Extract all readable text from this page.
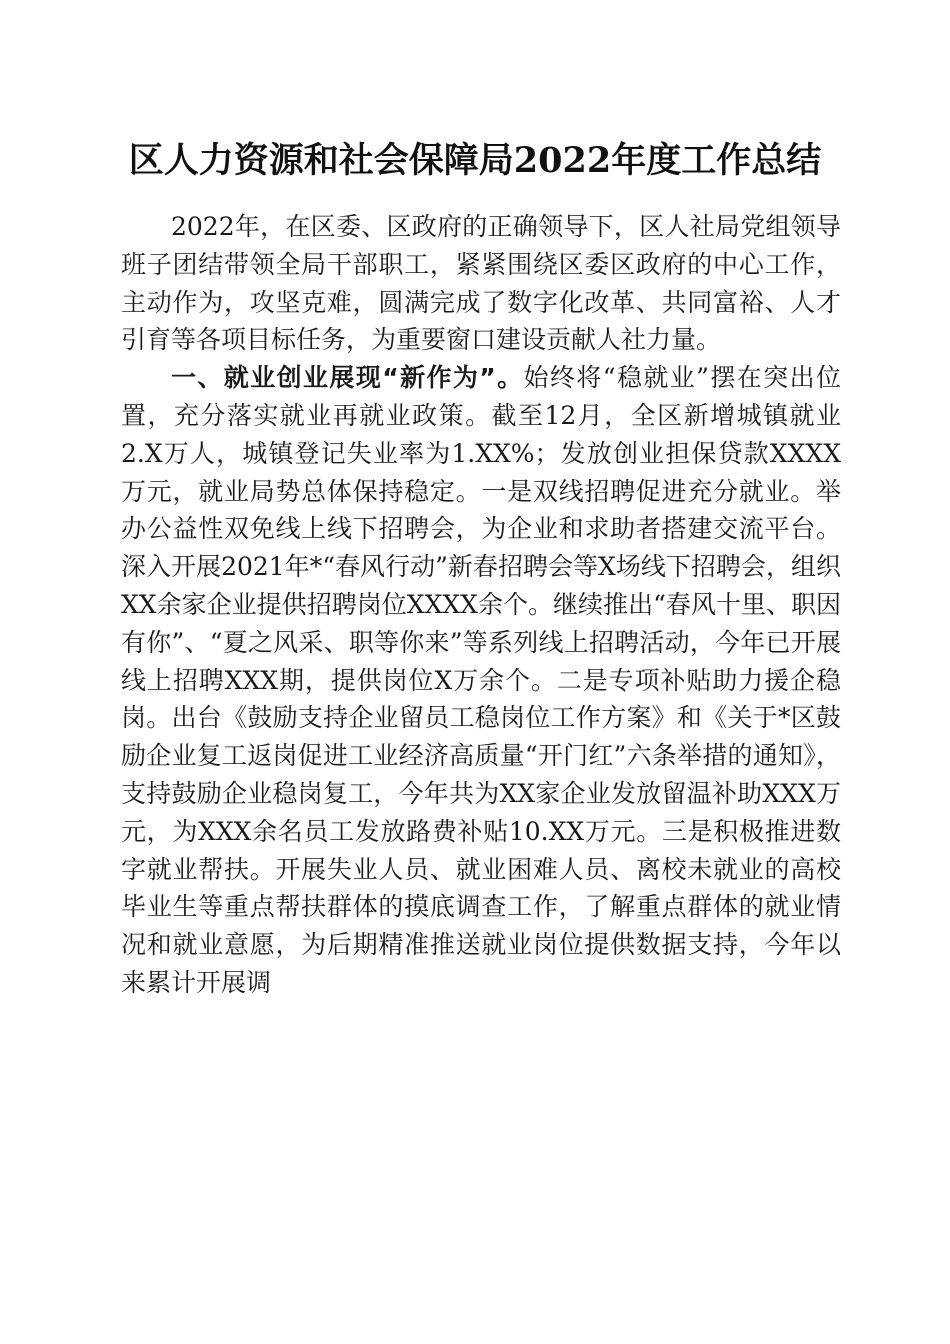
区人力资源和社会保障局2022年度工作总结

2022年，在区委、区政府的正确领导下，区人社局党组领导班子团结带领全局干部职工，紧紧围绕区委区政府的中心工作，主动作为，攻坚克难，圆满完成了数字化改革、共同富裕、人才引育等各项目标任务，为重要窗口建设贡献人社力量。

一、就业创业展现“新作为”。始终将“稳就业”摆在突出位置，充分落实就业再就业政策。截至12月，全区新增城镇就业2.X万人，城镇登记失业率为1.XX%；发放创业担保贷款XXXX万元，就业局势总体保持稳定。一是双线招聘促进充分就业。举办公益性双免线上线下招聘会，为企业和求助者搭建交流平台。深入开展2021年*“春风行动”新春招聘会等X场线下招聘会，组织XX余家企业提供招聘岗位XXXX余个。继续推出“春风十里、职因有你”、“夏之风采、职等你来”等系列线上招聘活动，今年已开展线上招聘XXX期，提供岗位X万余个。二是专项补贴助力援企稳岗。出台《鼓励支持企业留员工稳岗位工作方案》和《关于*区鼓励企业复工返岗促进工业经济高质量“开门红”六条举措的通知》，支持鼓励企业稳岗复工，今年共为XX家企业发放留温补助XXX万元，为XXX余名员工发放路费补贴10.XX万元。三是积极推进数字就业帮扶。开展失业人员、就业困难人员、离校未就业的高校毕业生等重点帮扶群体的摸底调查工作，了解重点群体的就业情况和就业意愿，为后期精准推送就业岗位提供数据支持，今年以来累计开展调
